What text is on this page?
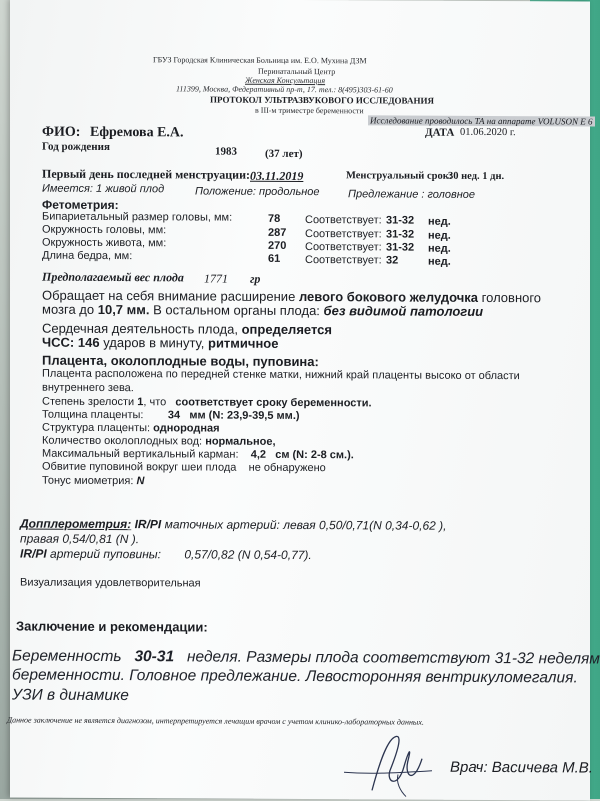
ГБУЗ Городская Клиническая Больница им. Е.О. Мухина ДЗМ
Перинатальный Центр
Женская Консультация
111399, Москва, Федеративный пр-т, 17. тел.: 8(495)303-61-60
ПРОТОКОЛ УЛЬТРАЗВУКОВОГО ИССЛЕДОВАНИЯ
в III-м триместре беременности
Исследование проводилось ТА на аппарате VOLUSON E 6
ДАТА 01.06.2020 г.
ФИО: Ефремова Е.А.
Год рождения	1983	(37 лет)
Первый день последней менструации: 03.11.2019	Менструальный срок:
30 нед. 1 дн.
Имеется: 1 живой плод	Положение: продольное	Предлежание : головное
Фетометрия:
Бипариетальный размер головы, мм:	78 Соответствует: 31-32 нед.
Окружность головы, мм:	287 Соответствует: 31-32 нед.
Окружность живота, мм:	270 Соответствует: 31-32 нед.
Длина бедра, мм:	61 Соответствует: 32	нед.
Предполагаемый вес плода 1771 гр
Обращает на себя внимание расширение левого бокового желудочка головного
мозга до 10,7 мм. В остальном органы плода: без видимой патологии
Сердечная деятельность плода, определяется
ЧСС: 146 ударов в минуту, ритмичное
Плацента, околоплодные воды, пуповина:
Плацента расположена по передней стенке матки, нижний край плаценты высоко от области
внутреннего зева.
Степень зрелости 1, что соответствует сроку беременности.
Толщина плаценты: 34 мм (N: 23,9-39,5 мм.)
Структура плаценты: однородная
Количество околоплодных вод: нормальное,
Максимальный вертикальный карман: 4,2 см (N: 2-8 см.).
Обвитие пуповиной вокруг шеи плода не обнаружено
Тонус миометрия: N
Допплерометрия: IR/PI маточных артерий: левая 0,50/0,71(N 0,34-0,62 ),
правая 0,54/0,81 (N ).
IR/PI артерий пуповины: 0,57/0,82 (N 0,54-0,77).
Визуализация удовлетворительная
Заключение и рекомендации:
Беременность 30-31 неделя. Размеры плода соответствуют 31-32 неделям
беременности. Головное предлежание. Левосторонняя вентрикуломегалия.
УЗИ в динамике
Данное заключение не является диагнозом, интерпретируется лечащим врачом с учетом клинико-лабораторных данных.
Врач: Васичева М.В.
